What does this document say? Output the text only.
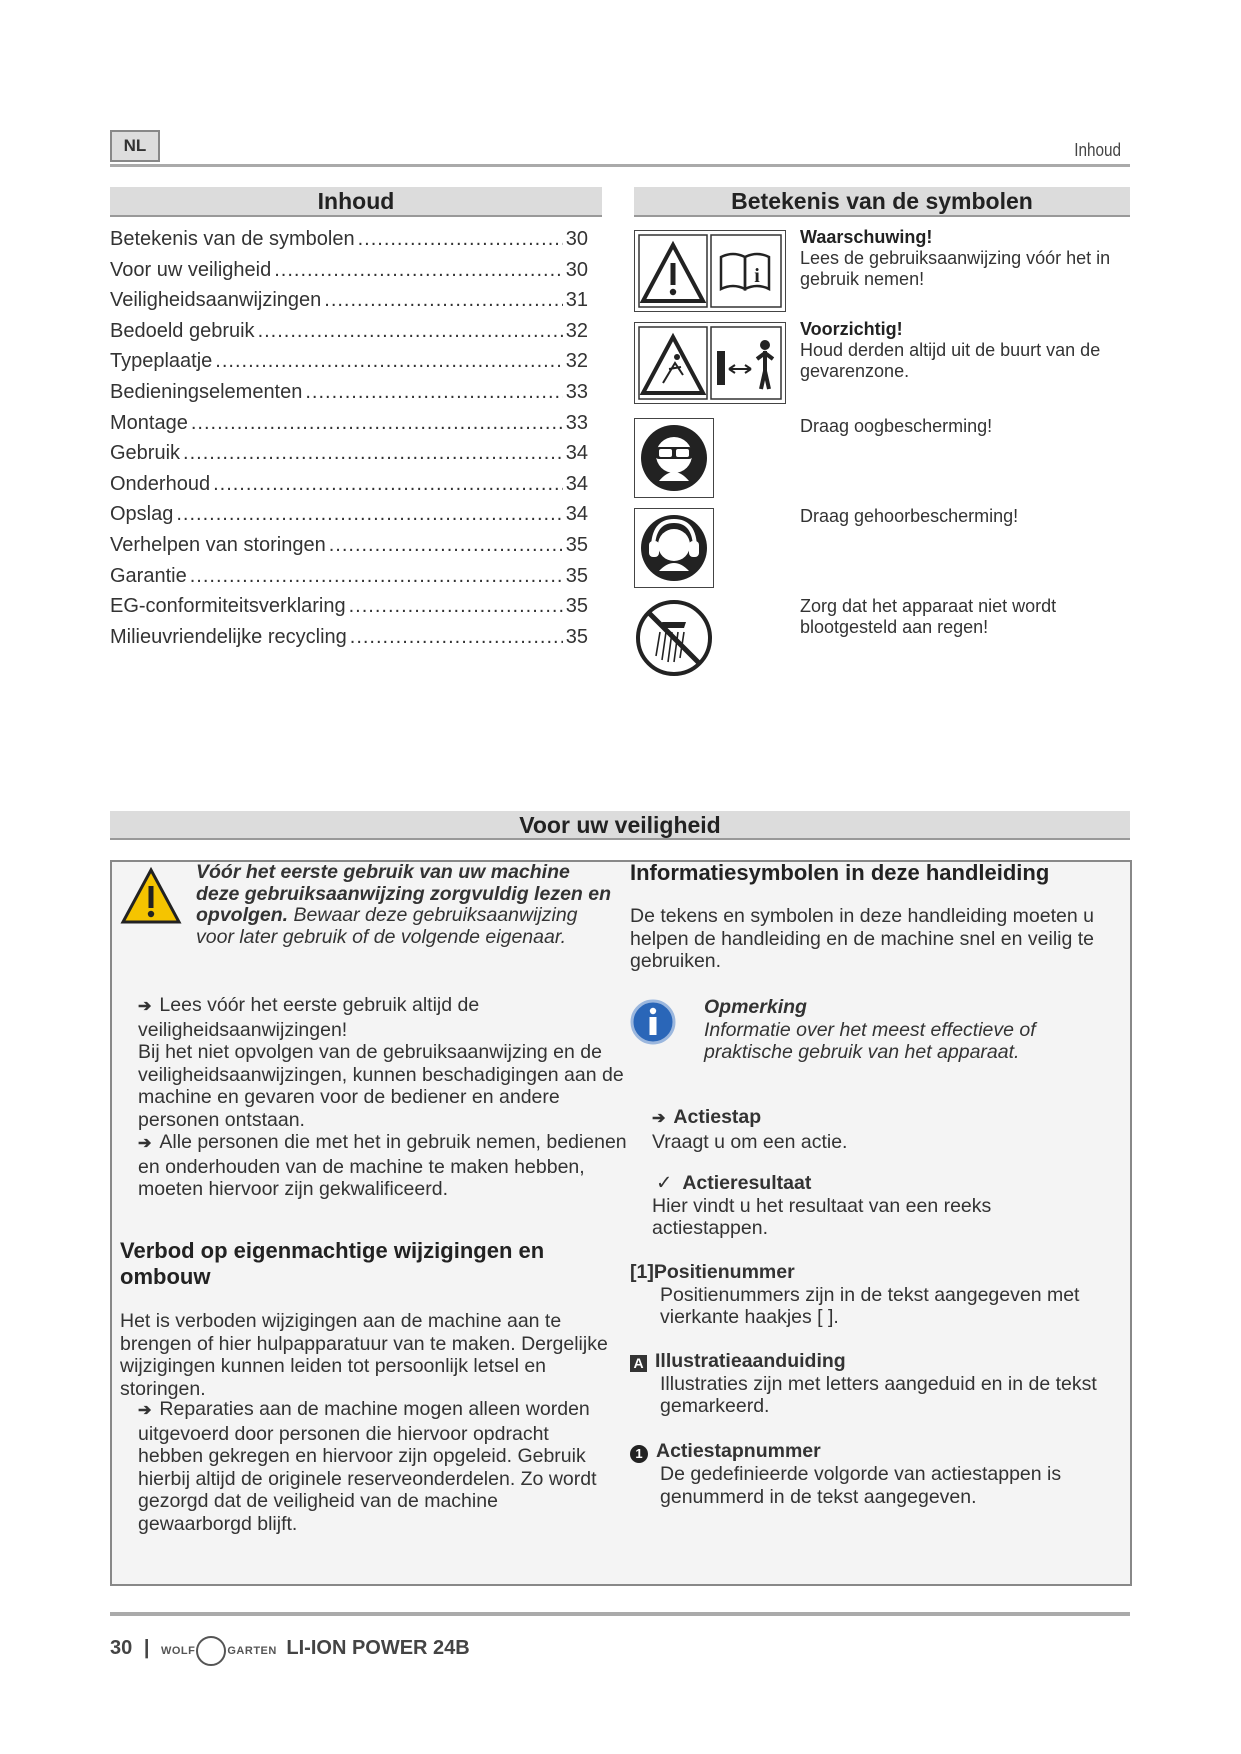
NL	Inhoud
Inhoud
Betekenis van de symbolen .....	30
Voor uw veiligheid .....	30
Veiligheidsaanwijzingen .....	31
Bedoeld gebruik .....	32
Typeplaatje .....	32
Bedieningselementen .....	33
Montage .....	33
Gebruik .....	34
Onderhoud .....	34
Opslag .....	34
Verhelpen van storingen .....	35
Garantie .....	35
EG-conformiteitsverklaring .....	35
Milieuvriendelijke recycling .....	35
Betekenis van de symbolen
i
Waarschuwing!
Lees de gebruiksaanwijzing vóór het in gebruik nemen!
Voorzichtig!
Houd derden altijd uit de buurt van de gevarenzone.
Draag oogbescherming!
Draag gehoorbescherming!
Zorg dat het apparaat niet wordt blootgesteld aan regen!
Voor uw veiligheid
Vóór het eerste gebruik van uw machine deze gebruiksaanwijzing zorgvuldig lezen en opvolgen. Bewaar deze gebruiksaanwijzing voor later gebruik of de volgende eigenaar.
➔ Lees vóór het eerste gebruik altijd de veiligheidsaanwijzingen!
Bij het niet opvolgen van de gebruiksaanwijzing en de veiligheidsaanwijzingen, kunnen beschadigingen aan de machine en gevaren voor de bediener en andere personen ontstaan.
➔ Alle personen die met het in gebruik nemen, bedienen en onderhouden van de machine te maken hebben, moeten hiervoor zijn gekwalificeerd.
Verbod op eigenmachtige wijzigingen en ombouw
Het is verboden wijzigingen aan de machine aan te brengen of hier hulpapparatuur van te maken. Dergelijke wijzigingen kunnen leiden tot persoonlijk letsel en storingen.
➔ Reparaties aan de machine mogen alleen worden uitgevoerd door personen die hiervoor opdracht hebben gekregen en hiervoor zijn opgeleid. Gebruik hierbij altijd de originele reserveonderdelen. Zo wordt gezorgd dat de veiligheid van de machine gewaarborgd blijft.
Informatiesymbolen in deze handleiding
De tekens en symbolen in deze handleiding moeten u helpen de handleiding en de machine snel en veilig te gebruiken.
Opmerking
Informatie over het meest effectieve of praktische gebruik van het apparaat.
➔ Actiestap
Vraagt u om een actie.
✓ Actieresultaat
Hier vindt u het resultaat van een reeks actiestappen.
[1]Positienummer

Positienummers zijn in de tekst aangegeven met vierkante haakjes [ ].
A Illustratieaanduiding
Illustraties zijn met letters aangeduid en in de tekst gemarkeerd.
1 Actiestapnummer
De gedefinieerde volgorde van actiestappen is genummerd in de tekst aangegeven.
30 | WOLF	GARTEN LI-ION POWER 24B
